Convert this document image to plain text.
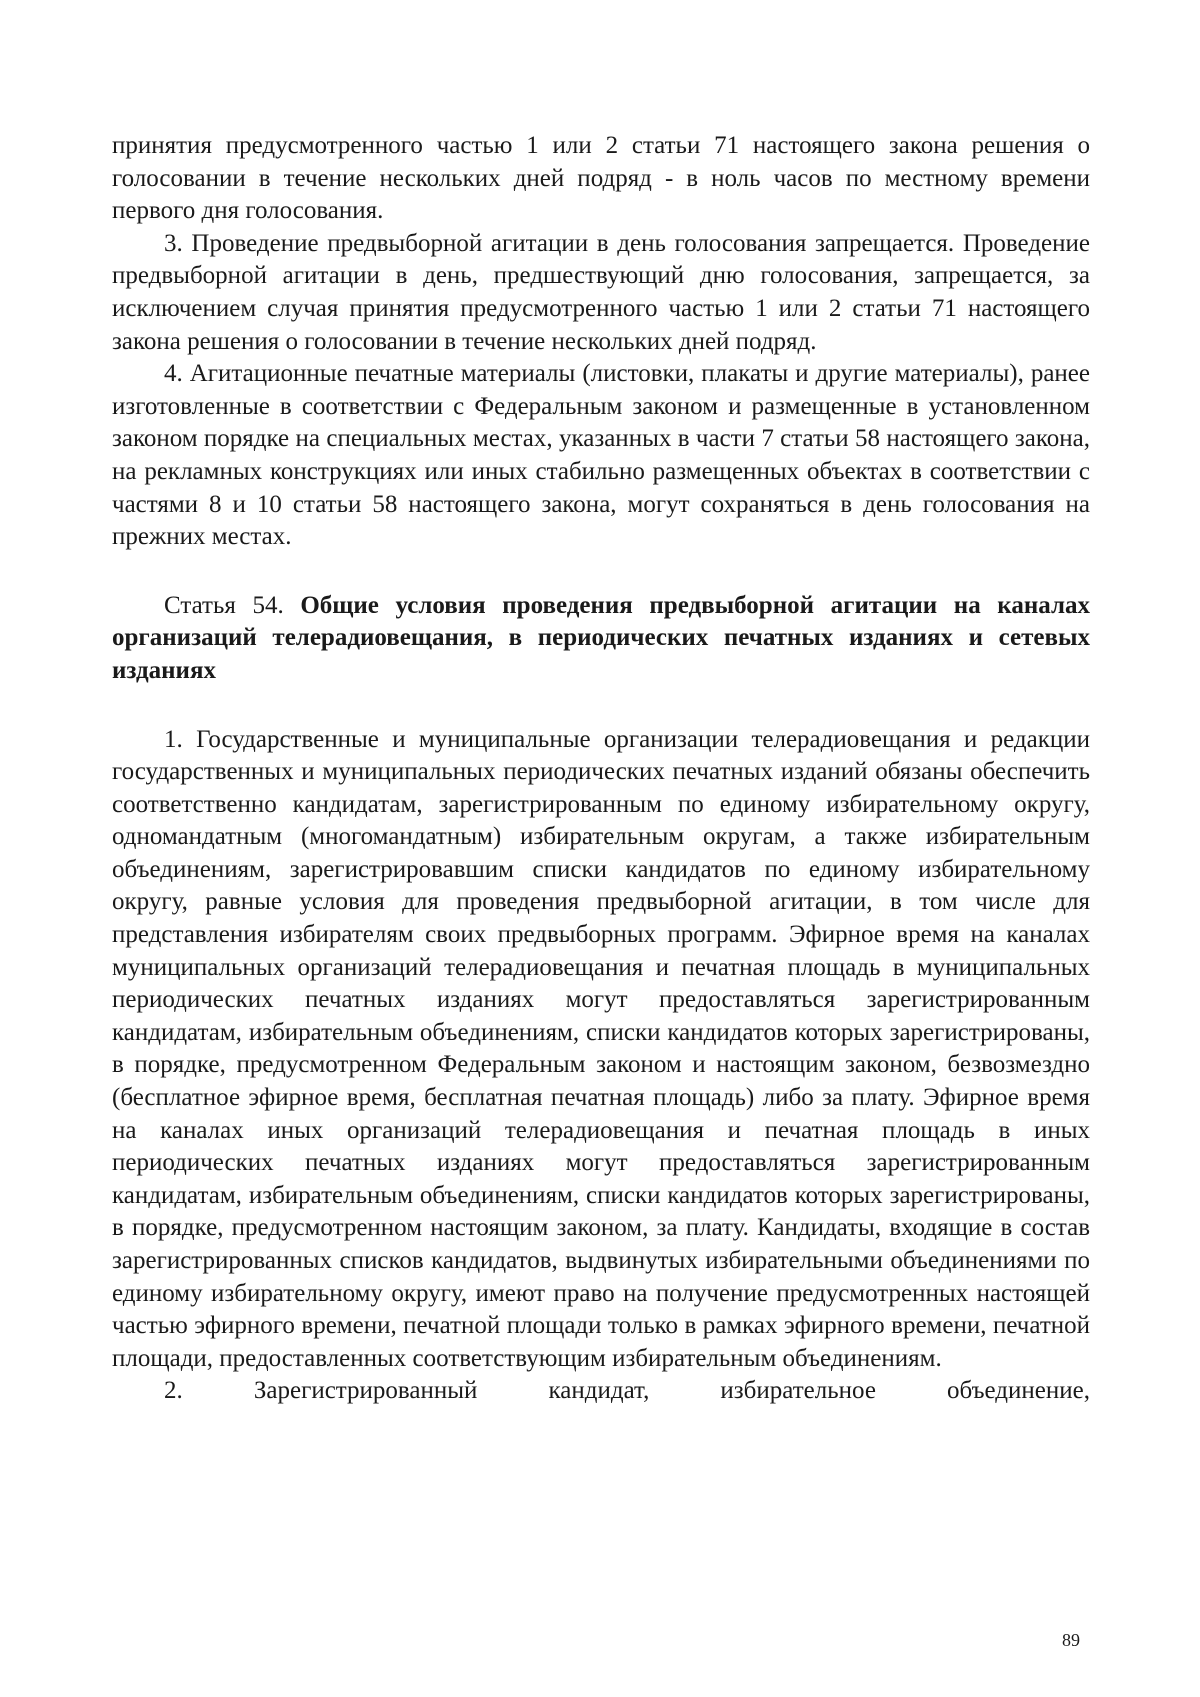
принятия предусмотренного частью 1 или 2 статьи 71 настоящего закона решения о голосовании в течение нескольких дней подряд - в ноль часов по местному времени первого дня голосования.

3. Проведение предвыборной агитации в день голосования запрещается. Проведение предвыборной агитации в день, предшествующий дню голосования, запрещается, за исключением случая принятия предусмотренного частью 1 или 2 статьи 71 настоящего закона решения о голосовании в течение нескольких дней подряд.

4. Агитационные печатные материалы (листовки, плакаты и другие материалы), ранее изготовленные в соответствии с Федеральным законом и размещенные в установленном законом порядке на специальных местах, указанных в части 7 статьи 58 настоящего закона, на рекламных конструкциях или иных стабильно размещенных объектах в соответствии с частями 8 и 10 статьи 58 настоящего закона, могут сохраняться в день голосования на прежних местах.

Статья 54. Общие условия проведения предвыборной агитации на каналах организаций телерадиовещания, в периодических печатных изданиях и сетевых изданиях

1. Государственные и муниципальные организации телерадиовещания и редакции государственных и муниципальных периодических печатных изданий обязаны обеспечить соответственно кандидатам, зарегистрированным по единому избирательному округу, одномандатным (многомандатным) избирательным округам, а также избирательным объединениям, зарегистрировавшим списки кандидатов по единому избирательному округу, равные условия для проведения предвыборной агитации, в том числе для представления избирателям своих предвыборных программ. Эфирное время на каналах муниципальных организаций телерадиовещания и печатная площадь в муниципальных периодических печатных изданиях могут предоставляться зарегистрированным кандидатам, избирательным объединениям, списки кандидатов которых зарегистрированы, в порядке, предусмотренном Федеральным законом и настоящим законом, безвозмездно (бесплатное эфирное время, бесплатная печатная площадь) либо за плату. Эфирное время на каналах иных организаций телерадиовещания и печатная площадь в иных периодических печатных изданиях могут предоставляться зарегистрированным кандидатам, избирательным объединениям, списки кандидатов которых зарегистрированы, в порядке, предусмотренном настоящим законом, за плату. Кандидаты, входящие в состав зарегистрированных списков кандидатов, выдвинутых избирательными объединениями по единому избирательному округу, имеют право на получение предусмотренных настоящей частью эфирного времени, печатной площади только в рамках эфирного времени, печатной площади, предоставленных соответствующим избирательным объединениям.

2. Зарегистрированный кандидат, избирательное объединение,

89
